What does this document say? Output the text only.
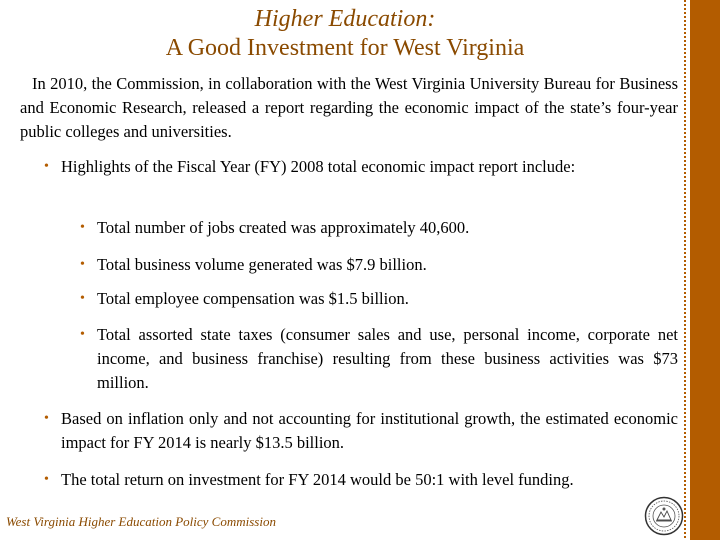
Higher Education:
A Good Investment for West Virginia
In 2010, the Commission, in collaboration with the West Virginia University Bureau for Business and Economic Research, released a report regarding the economic impact of the state’s four-year public colleges and universities.
• Highlights of the Fiscal Year (FY) 2008 total economic impact report include:
• Total number of jobs created was approximately 40,600.
• Total business volume generated was $7.9 billion.
• Total employee compensation was $1.5 billion.
• Total assorted state taxes (consumer sales and use, personal income, corporate net income, and business franchise) resulting from these business activities was $73 million.
• Based on inflation only and not accounting for institutional growth, the estimated economic impact for FY 2014 is nearly $13.5 billion.
• The total return on investment for FY 2014 would be 50:1 with level funding.
West Virginia Higher Education Policy Commission
